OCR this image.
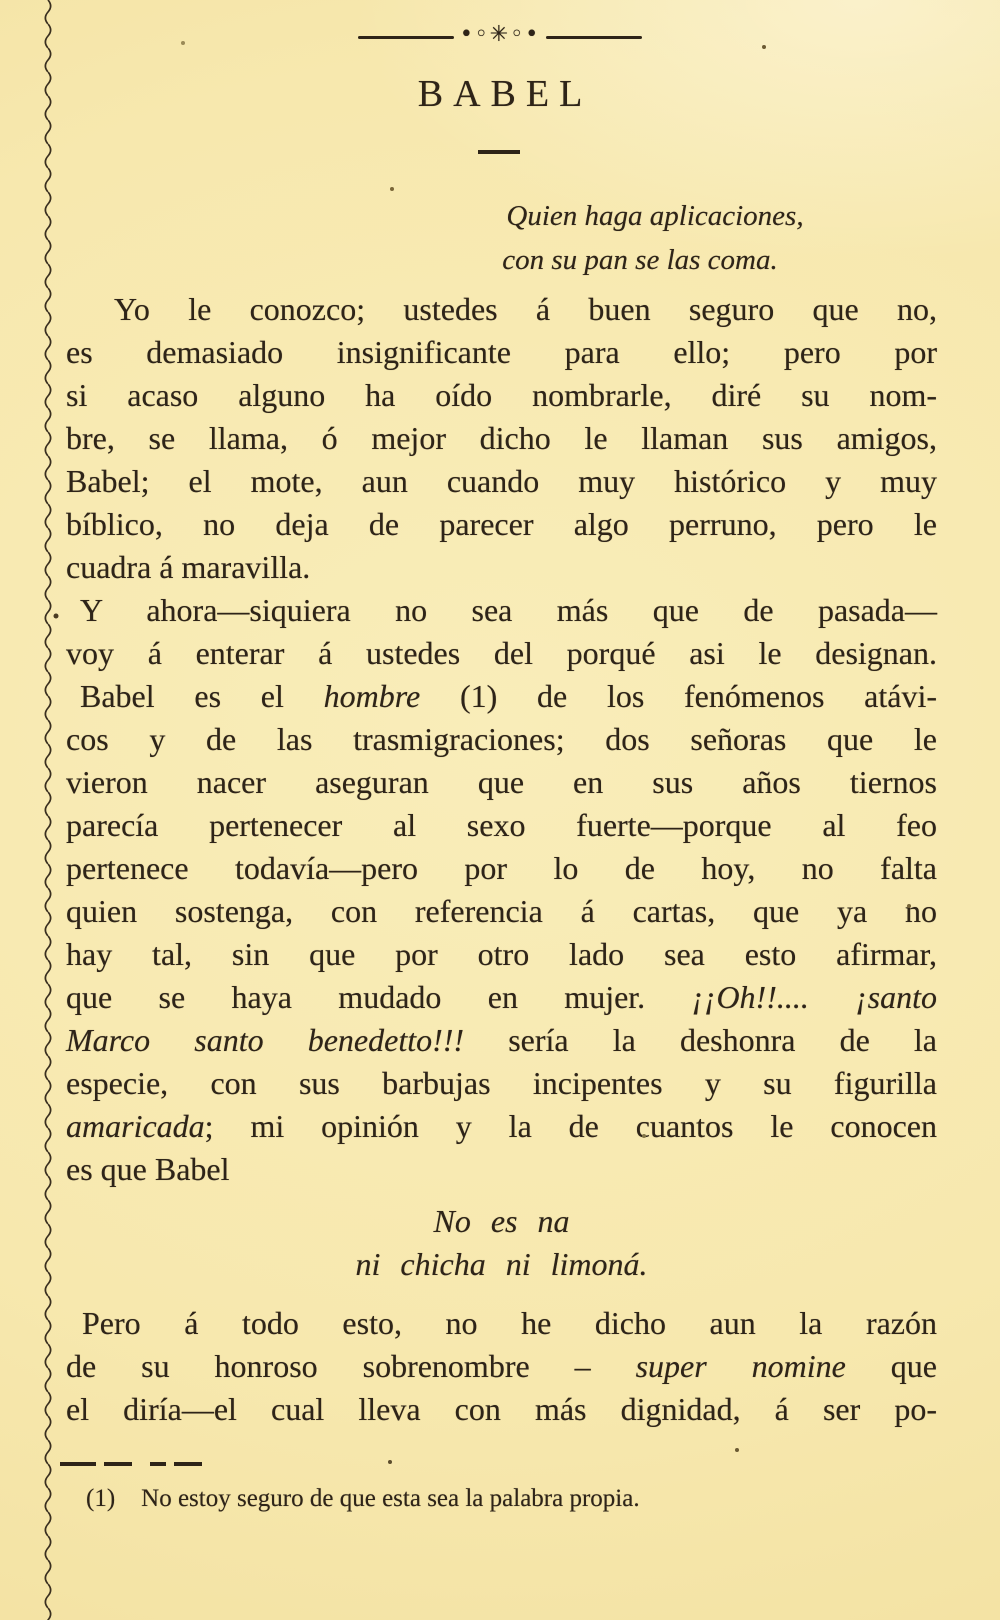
•◦✳◦•
BABEL
Quien haga aplicaciones,
con su pan se las coma.
Yo le conozco; ustedes á buen seguro que no,
es demasiado insignificante para ello; pero por
si acaso alguno ha oído nombrarle, diré su nom-
bre, se llama, ó mejor dicho le llaman sus amigos,
Babel; el mote, aun cuando muy histórico y muy
bíblico, no deja de parecer algo perruno, pero le
cuadra á maravilla.
Y ahora—siquiera no sea más que de pasada—
voy á enterar á ustedes del porqué asi le designan.
Babel es el hombre (1) de los fenómenos atávi-
cos y de las trasmigraciones; dos señoras que le
vieron nacer aseguran que en sus años tiernos
parecía pertenecer al sexo fuerte—porque al feo
pertenece todavía—pero por lo de hoy, no falta
quien sostenga, con referencia á cartas, que ya no
hay tal, sin que por otro lado sea esto afirmar,
que se haya mudado en mujer. ¡¡Oh!!.... ¡santo
Marco santo benedetto!!! sería la deshonra de la
especie, con sus barbujas incipentes y su figurilla
amaricada; mi opinión y la de cuantos le conocen
es que Babel
No es na
ni chicha ni limoná.
Pero á todo esto, no he dicho aun la razón
de su honroso sobrenombre – super nomine que
el diría—el cual lleva con más dignidad, á ser po-
(1) No estoy seguro de que esta sea la palabra propia.
